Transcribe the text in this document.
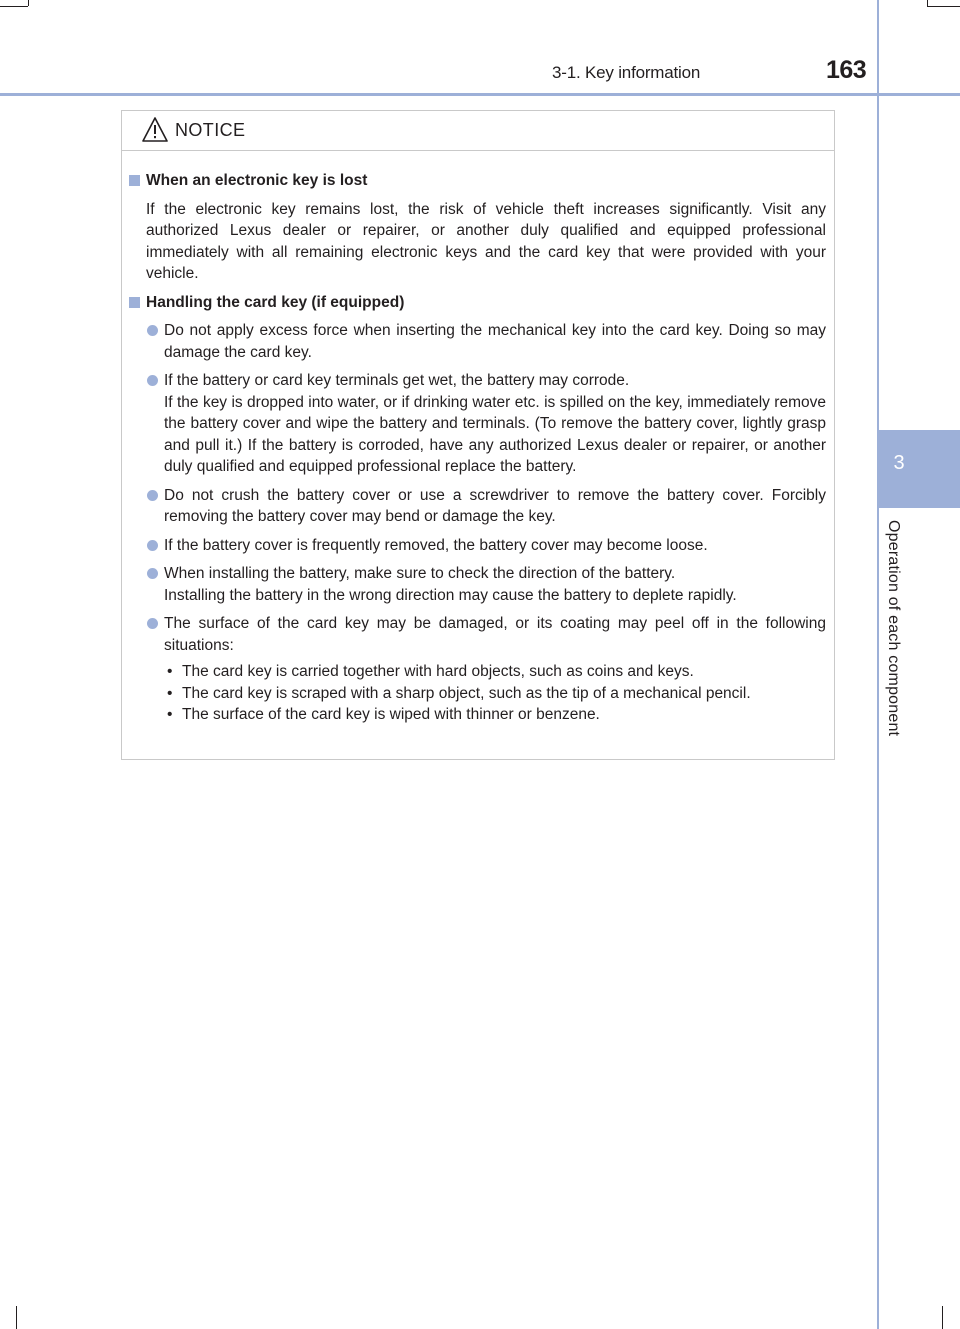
3-1. Key information	163
3
Operation of each component
NOTICE
When an electronic key is lost
If the electronic key remains lost, the risk of vehicle theft increases significantly. Visit any authorized Lexus dealer or repairer, or another duly qualified and equipped professional immediately with all remaining electronic keys and the card key that were provided with your vehicle.
Handling the card key (if equipped)
Do not apply excess force when inserting the mechanical key into the card key. Doing so may damage the card key.
If the battery or card key terminals get wet, the battery may corrode.
If the key is dropped into water, or if drinking water etc. is spilled on the key, immediately remove the battery cover and wipe the battery and terminals. (To remove the battery cover, lightly grasp and pull it.) If the battery is corroded, have any authorized Lexus dealer or repairer, or another duly qualified and equipped professional replace the battery.
Do not crush the battery cover or use a screwdriver to remove the battery cover. Forcibly removing the battery cover may bend or damage the key.
If the battery cover is frequently removed, the battery cover may become loose.
When installing the battery, make sure to check the direction of the battery.
Installing the battery in the wrong direction may cause the battery to deplete rapidly.
The surface of the card key may be damaged, or its coating may peel off in the following situations:
• The card key is carried together with hard objects, such as coins and keys.
• The card key is scraped with a sharp object, such as the tip of a mechanical pencil.
• The surface of the card key is wiped with thinner or benzene.
